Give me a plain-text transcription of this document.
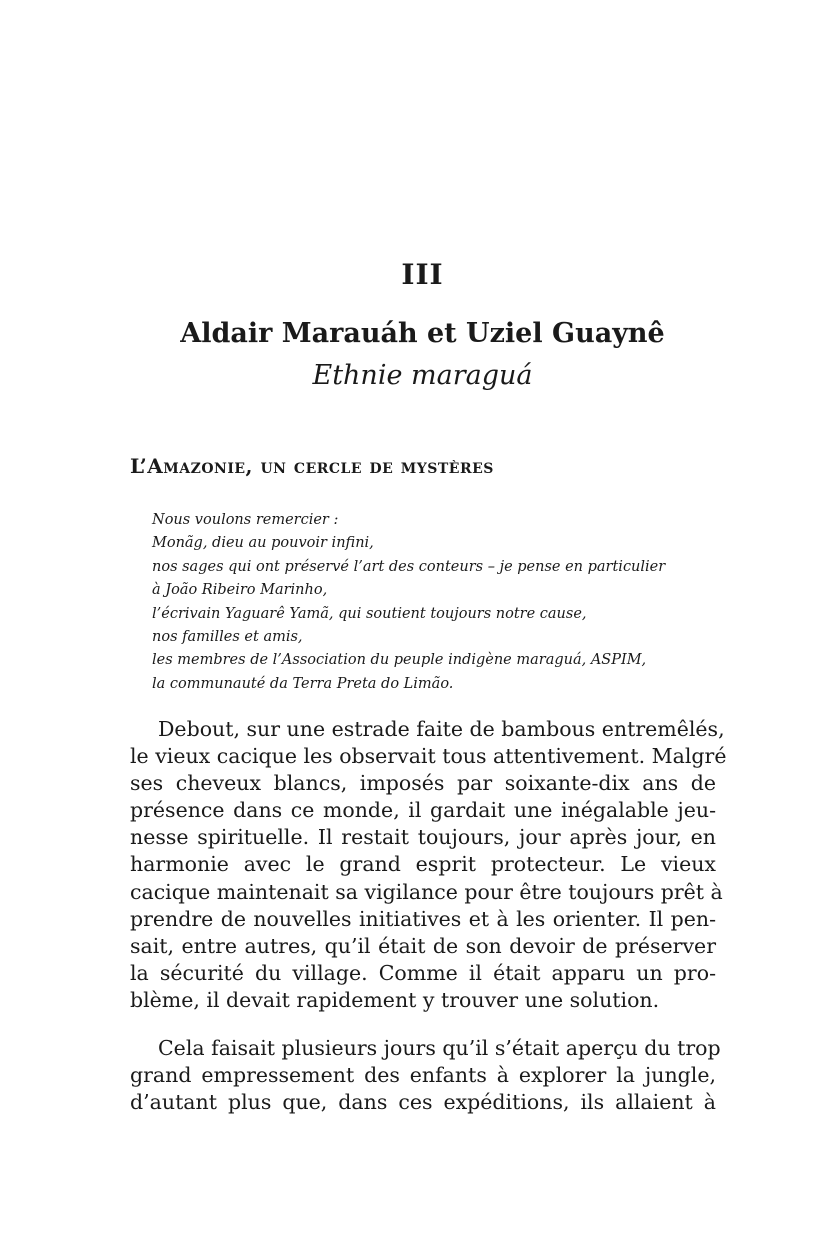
III
Aldair Marauáh et Uziel Guaynê
Ethnie maraguá
L’Amazonie, un cercle de mystères
Nous voulons remercier :
Monãg, dieu au pouvoir infini,
nos sages qui ont préservé l’art des conteurs – je pense en particulier
à João Ribeiro Marinho,
l’écrivain Yaguarê Yamã, qui soutient toujours notre cause,
nos familles et amis,
les membres de l’Association du peuple indigène maraguá, ASPIM,
la communauté da Terra Preta do Limão.
Debout, sur une estrade faite de bambous entremêlés,
le vieux cacique les observait tous attentivement. Malgré
ses cheveux blancs, imposés par soixante-dix ans de
présence dans ce monde, il gardait une inégalable jeu-
nesse spirituelle. Il restait toujours, jour après jour, en
harmonie avec le grand esprit protecteur. Le vieux
cacique maintenait sa vigilance pour être toujours prêt à
prendre de nouvelles initiatives et à les orienter. Il pen-
sait, entre autres, qu’il était de son devoir de préserver
la sécurité du village. Comme il était apparu un pro-
blème, il devait rapidement y trouver une solution.
Cela faisait plusieurs jours qu’il s’était aperçu du trop
grand empressement des enfants à explorer la jungle,
d’autant plus que, dans ces expéditions, ils allaient à
